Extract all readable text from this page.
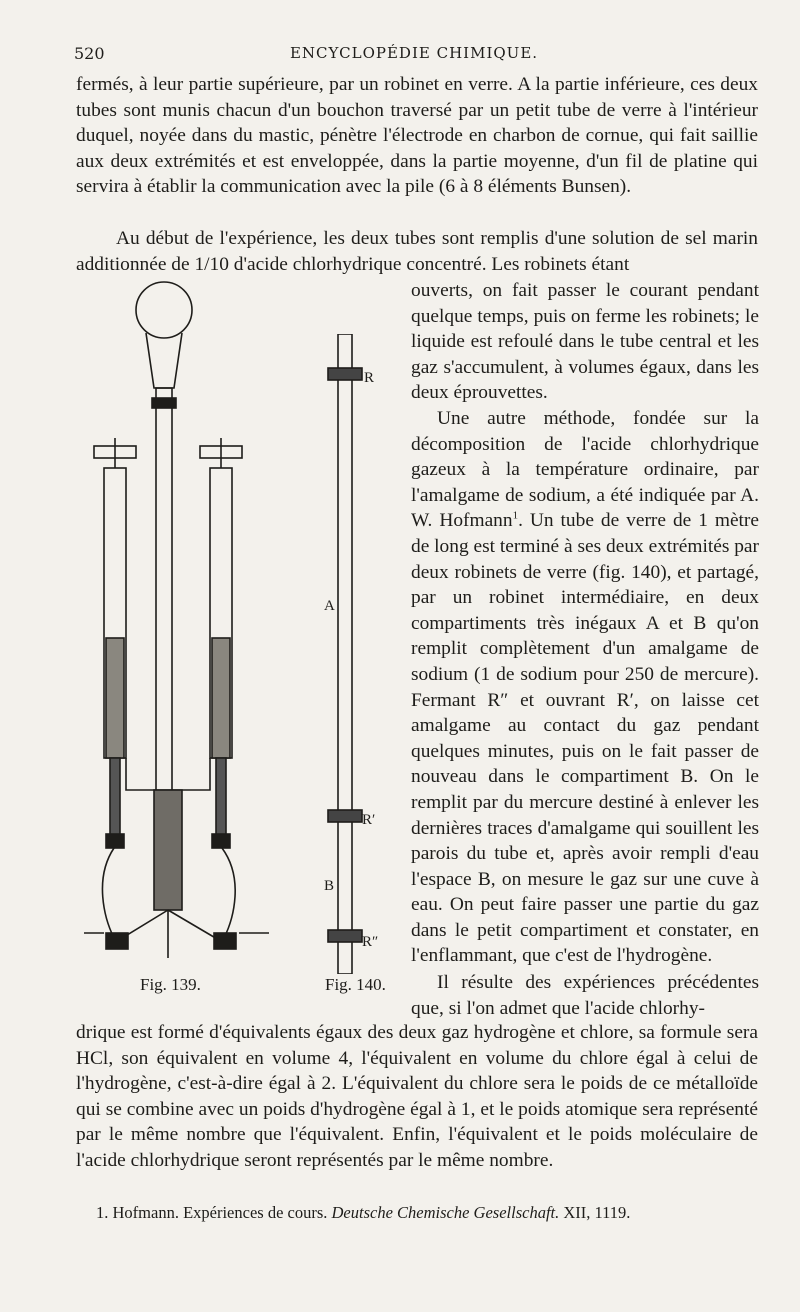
520	ENCYCLOPÉDIE CHIMIQUE.

fermés, à leur partie supérieure, par un robinet en verre. A la partie inférieure, ces deux tubes sont munis chacun d'un bouchon traversé par un petit tube de verre à l'intérieur duquel, noyée dans du mastic, pénètre l'électrode en charbon de cornue, qui fait saillie aux deux extrémités et est enveloppée, dans la partie moyenne, d'un fil de platine qui servira à établir la communication avec la pile (6 à 8 éléments Bunsen).

Au début de l'expérience, les deux tubes sont remplis d'une solution de sel marin additionnée de 1/10 d'acide chlorhydrique concentré. Les robinets étant

Fig. 139.
R
A
R′
B
R″
Fig. 140.

ouverts, on fait passer le courant pendant quelque temps, puis on ferme les robinets; le liquide est refoulé dans le tube central et les gaz s'accumulent, à volumes égaux, dans les deux éprouvettes.

Une autre méthode, fondée sur la décomposition de l'acide chlorhydrique gazeux à la température ordinaire, par l'amalgame de sodium, a été indiquée par A. W. Hofmann$^1$. Un tube de verre de 1 mètre de long est terminé à ses deux extrémités par deux robinets de verre (fig. 140), et partagé, par un robinet intermédiaire, en deux compartiments très inégaux A et B qu'on remplit complètement d'un amalgame de sodium (1 de sodium pour 250 de mercure). Fermant R″ et ouvrant R′, on laisse cet amalgame au contact du gaz pendant quelques minutes, puis on le fait passer de nouveau dans le compartiment B. On le remplit par du mercure destiné à enlever les dernières traces d'amalgame qui souillent les parois du tube et, après avoir rempli d'eau l'espace B, on mesure le gaz sur une cuve à eau. On peut faire passer une partie du gaz dans le petit compartiment et constater, en l'enflammant, que c'est de l'hydrogène.

Il résulte des expériences précédentes que, si l'on admet que l'acide chlorhy-

drique est formé d'équivalents égaux des deux gaz hydrogène et chlore, sa formule sera HCl, son équivalent en volume 4, l'équivalent en volume du chlore égal à celui de l'hydrogène, c'est-à-dire égal à 2. L'équivalent du chlore sera le poids de ce métalloïde qui se combine avec un poids d'hydrogène égal à 1, et le poids atomique sera représenté par le même nombre que l'équivalent. Enfin, l'équivalent et le poids moléculaire de l'acide chlorhydrique seront représentés par le même nombre.

1. Hofmann. Expériences de cours. Deutsche Chemische Gesellschaft. XII, 1119.
